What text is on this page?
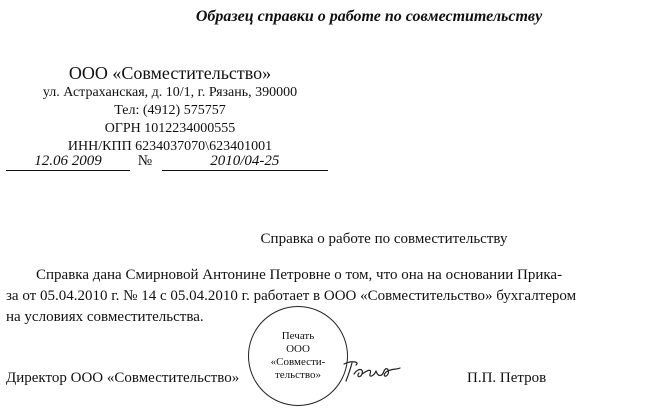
Образец справки о работе по совместительству
ООО «Совместительство»
ул. Астраханская, д. 10/1, г. Рязань, 390000
Тел: (4912) 575757
ОГРН 1012234000555
ИНН/КПП 6234037070\623401001
12.06 2009 №	2010/04-25
Справка о работе по совместительству
Справка дана Смирновой Антонине Петровне о том, что она на основании Прика-
за от 05.04.2010 г. № 14 с 05.04.2010 г. работает в ООО «Совместительство» бухгалтером
на условиях совместительства.
Директор ООО «Совместительство»
Печать
ООО
«Совмести-
тельство»	П.П. Петров
